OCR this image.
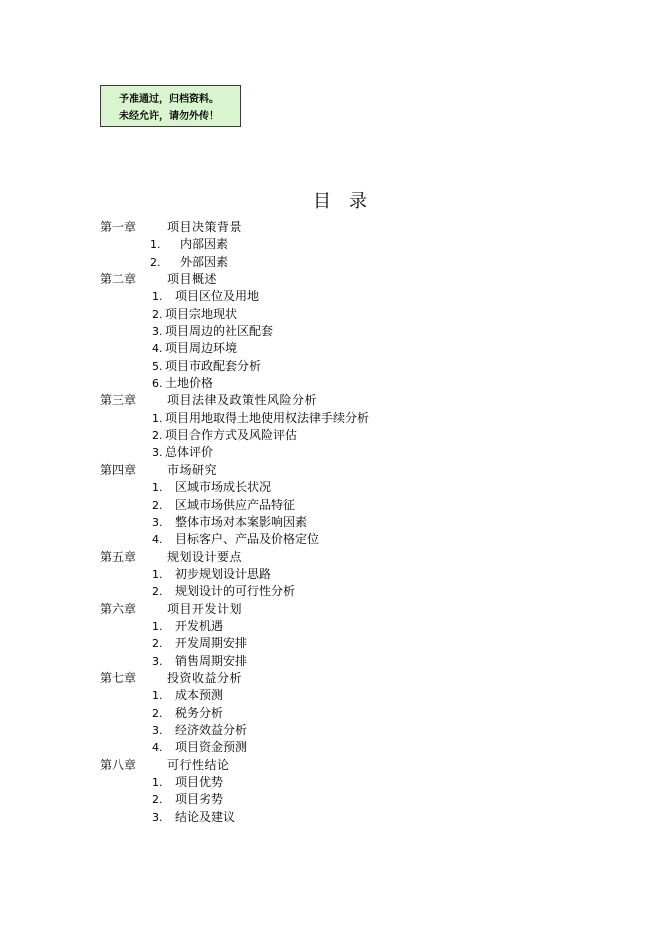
予准通过，归档资料。
未经允许，请勿外传！
目录
第一章	项目决策背景
1. 内部因素
2. 外部因素
第二章	项目概述
1. 项目区位及用地
2. 项目宗地现状
3. 项目周边的社区配套
4. 项目周边环境
5. 项目市政配套分析
6. 土地价格
第三章	项目法律及政策性风险分析
1. 项目用地取得土地使用权法律手续分析
2. 项目合作方式及风险评估
3. 总体评价
第四章	市场研究
1. 区域市场成长状况
2. 区域市场供应产品特征
3. 整体市场对本案影响因素
4. 目标客户、产品及价格定位
第五章	规划设计要点
1. 初步规划设计思路
2. 规划设计的可行性分析
第六章	项目开发计划
1. 开发机遇
2. 开发周期安排
3. 销售周期安排
第七章	投资收益分析
1. 成本预测
2. 税务分析
3. 经济效益分析
4. 项目资金预测
第八章	可行性结论
1. 项目优势
2. 项目劣势
3. 结论及建议
